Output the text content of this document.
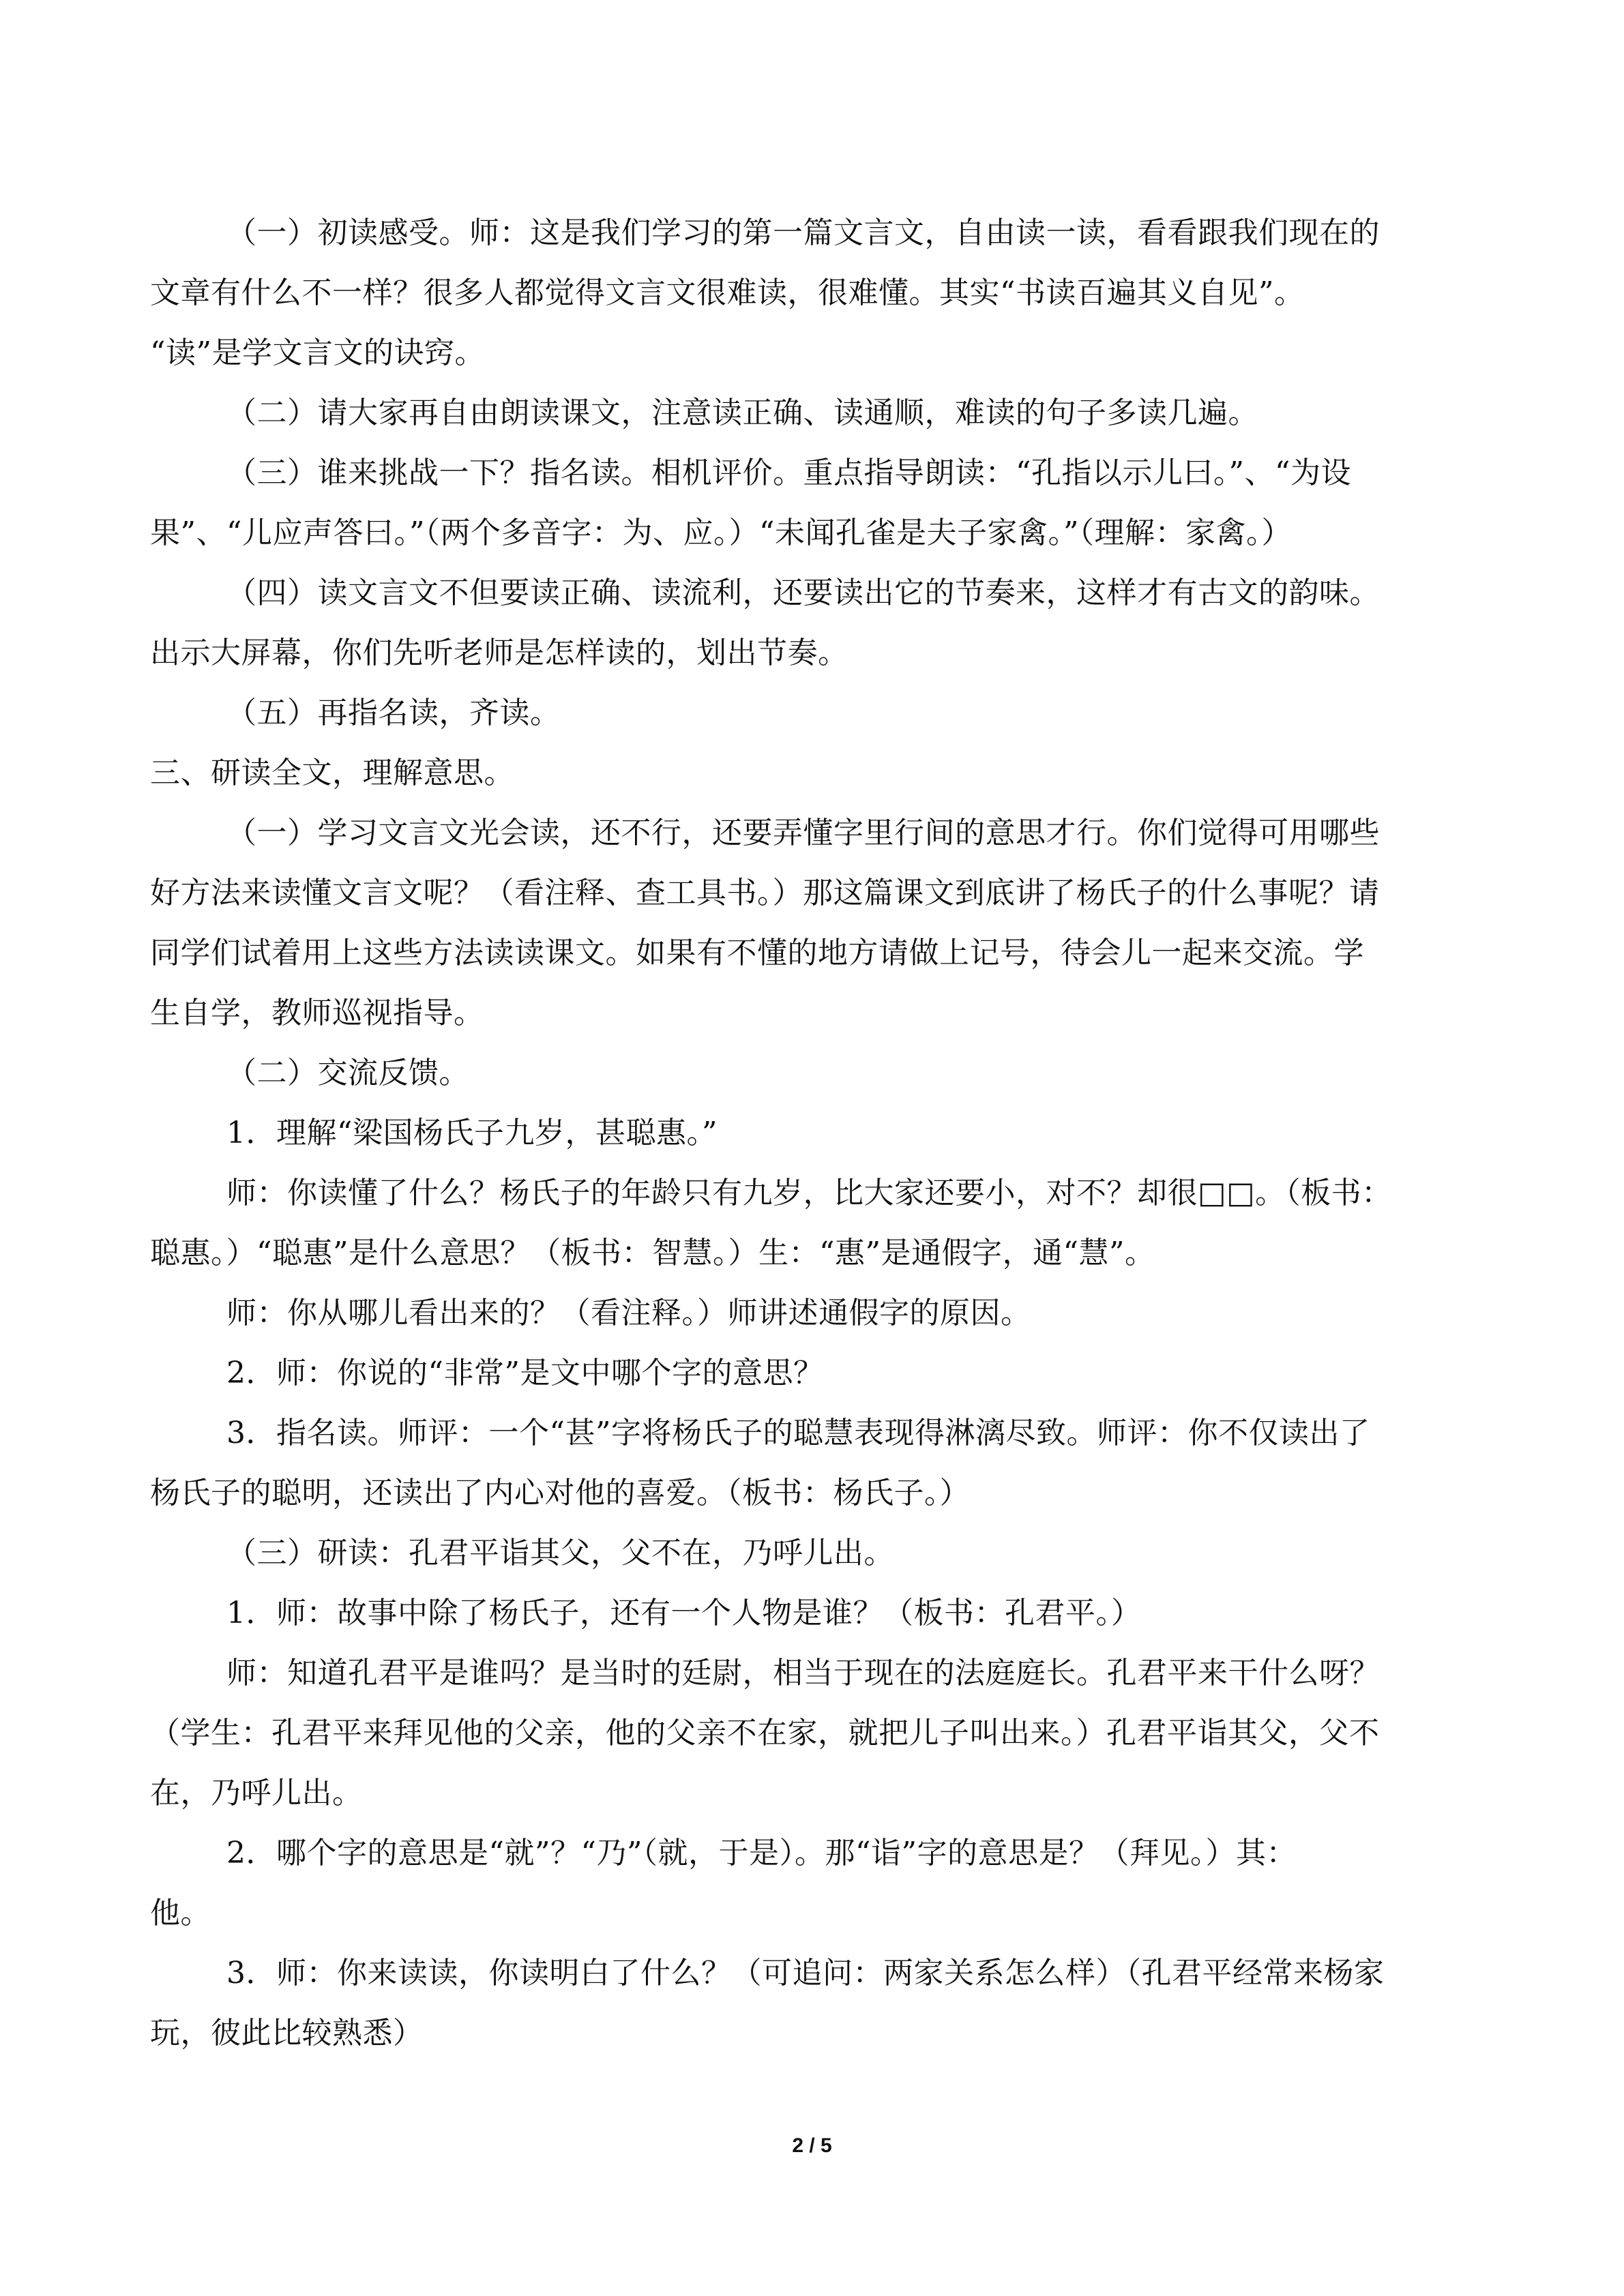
（一）初读感受。师：这是我们学习的第一篇文言文，自由读一读，看看跟我们现在的

文章有什么不一样？很多人都觉得文言文很难读，很难懂。其实“书读百遍其义自见”。

“读”是学文言文的诀窍。

（二）请大家再自由朗读课文，注意读正确、读通顺，难读的句子多读几遍。

（三）谁来挑战一下？指名读。相机评价。重点指导朗读：“孔指以示儿曰。”、“为设

果”、“儿应声答曰。”（两个多音字：为、应。）“未闻孔雀是夫子家禽。”（理解：家禽。）

（四）读文言文不但要读正确、读流利，还要读出它的节奏来，这样才有古文的韵味。

出示大屏幕，你们先听老师是怎样读的，划出节奏。

（五）再指名读，齐读。

三、研读全文，理解意思。

（一）学习文言文光会读，还不行，还要弄懂字里行间的意思才行。你们觉得可用哪些

好方法来读懂文言文呢？（看注释、查工具书。）那这篇课文到底讲了杨氏子的什么事呢？请

同学们试着用上这些方法读读课文。如果有不懂的地方请做上记号，待会儿一起来交流。学

生自学，教师巡视指导。

（二）交流反馈。

1．理解“梁国杨氏子九岁，甚聪惠。”

师：你读懂了什么？杨氏子的年龄只有九岁，比大家还要小，对不？却很□□。（板书：

聪惠。）“聪惠”是什么意思？（板书：智慧。）生：“惠”是通假字，通“慧”。

师：你从哪儿看出来的？（看注释。）师讲述通假字的原因。

2．师：你说的“非常”是文中哪个字的意思？

3．指名读。师评：一个“甚”字将杨氏子的聪慧表现得淋漓尽致。师评：你不仅读出了

杨氏子的聪明，还读出了内心对他的喜爱。（板书：杨氏子。）

（三）研读：孔君平诣其父，父不在，乃呼儿出。

1．师：故事中除了杨氏子，还有一个人物是谁？（板书：孔君平。）

师：知道孔君平是谁吗？是当时的廷尉，相当于现在的法庭庭长。孔君平来干什么呀？

（学生：孔君平来拜见他的父亲，他的父亲不在家，就把儿子叫出来。）孔君平诣其父，父不

在，乃呼儿出。

2．哪个字的意思是“就”？“乃”（就，于是）。那“诣”字的意思是？（拜见。）其：

他。

3．师：你来读读，你读明白了什么？（可追问：两家关系怎么样）（孔君平经常来杨家

玩，彼此比较熟悉）

2 / 5
